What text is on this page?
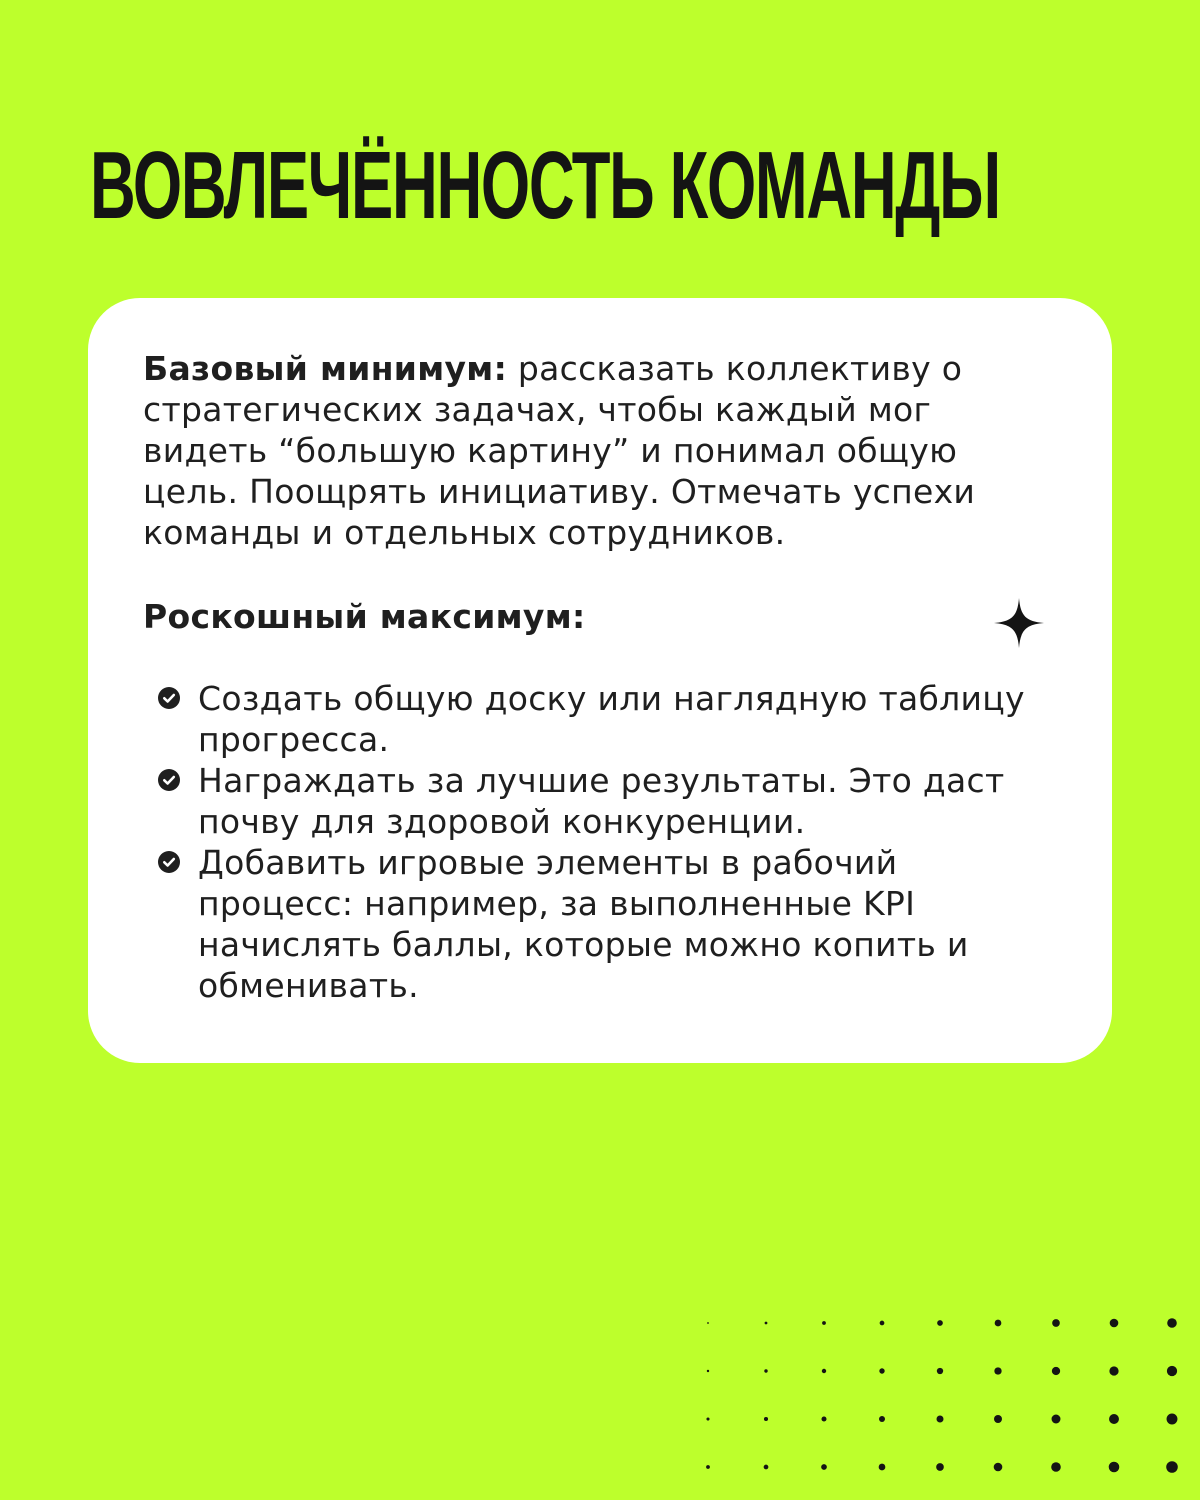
ВОВЛЕЧЁННОСТЬ КОМАНДЫ

Базовый минимум: рассказать коллективу о стратегических задачах, чтобы каждый мог видеть “большую картину” и понимал общую цель. Поощрять инициативу. Отмечать успехи команды и отдельных сотрудников.

Роскошный максимум:
Создать общую доску или наглядную таблицу прогресса.
Награждать за лучшие результаты. Это даст почву для здоровой конкуренции.
Добавить игровые элементы в рабочий процесс: например, за выполненные KPI начислять баллы, которые можно копить и обменивать.
